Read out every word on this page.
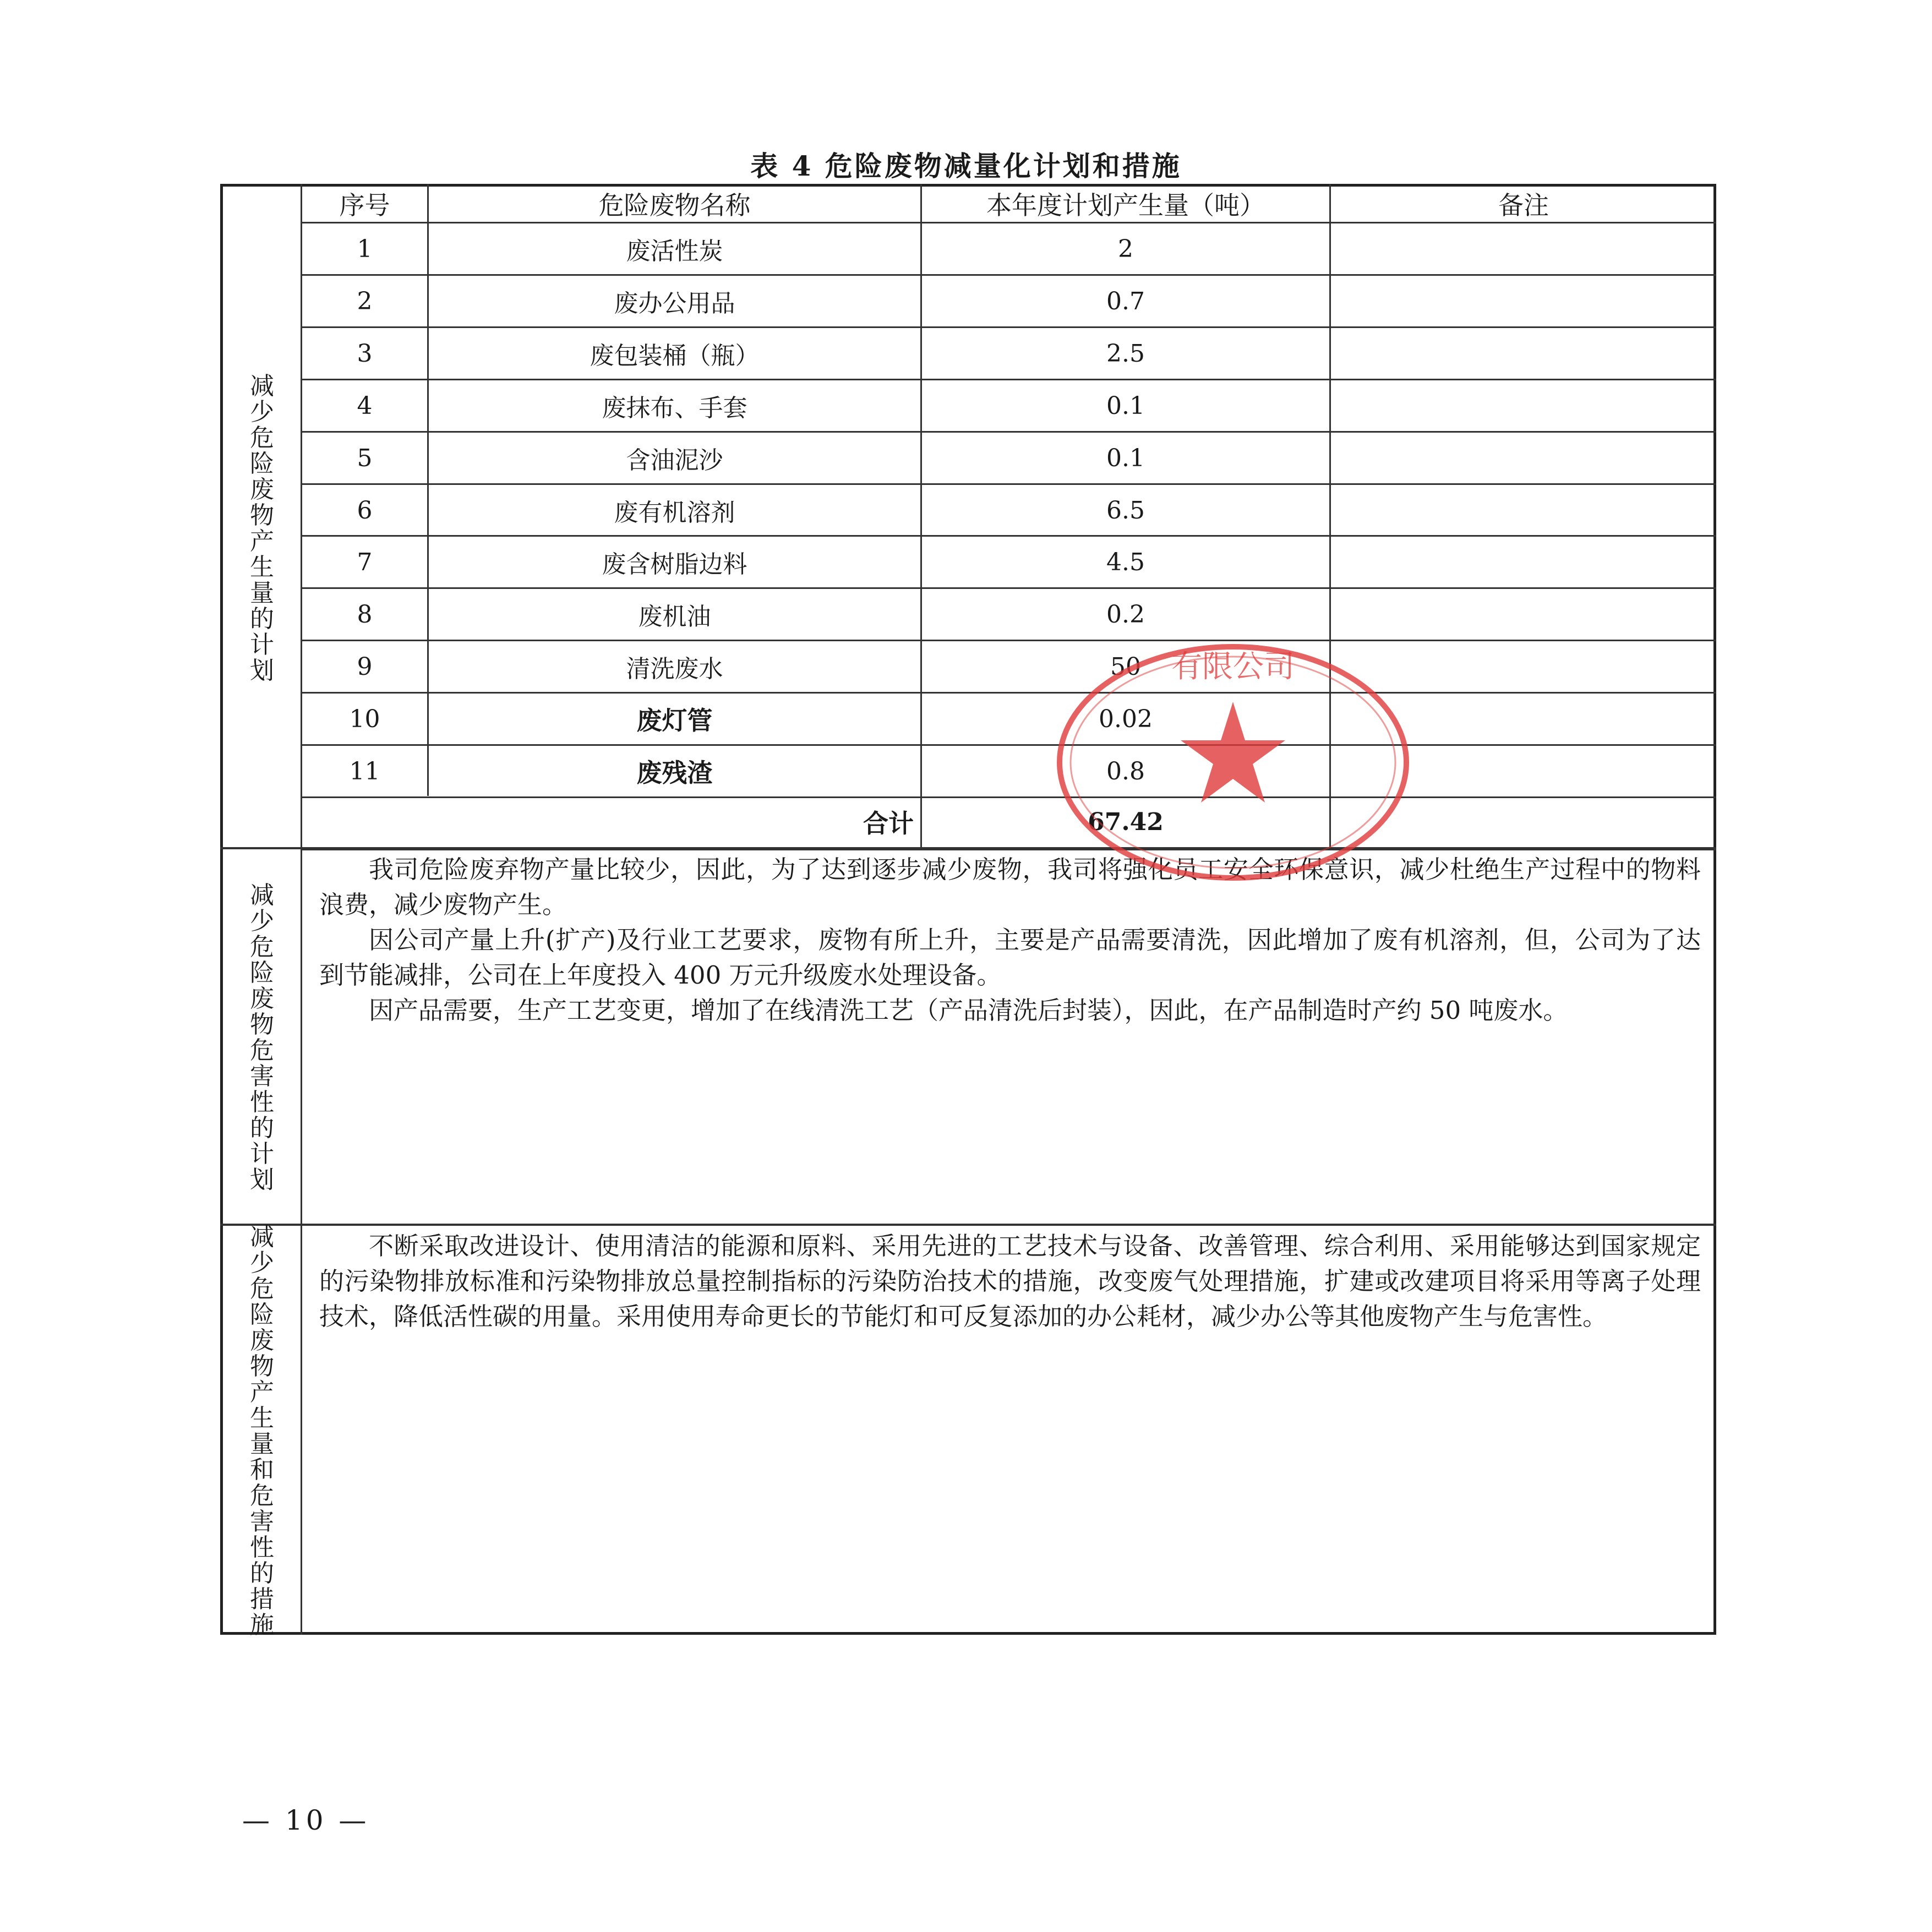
表 4 危险废物减量化计划和措施
减
少
危
险
废
物
产
生
量
的
计
划
减
少
危
险
废
物
危
害
性
的
计
划
减
少
危
险
废
物
产
生
量
和
危
害
性
的
措
施
序号	危险废物名称	本年度计划产生量（吨）	备注
1	废活性炭	2
2	废办公用品	0.7
3	废包装桶（瓶）	2.5
4	废抹布、手套	0.1
5	含油泥沙	0.1
6	废有机溶剂	6.5
7	废含树脂边料	4.5
8	废机油	0.2
9	清洗废水	50
10	废灯管	0.02
11	废残渣	0.8
合计	67.42

我司危险废弃物产量比较少，因此，为了达到逐步减少废物，我司将强化员工安全环保意识，减少杜绝生产过程中的物料浪费，减少废物产生。

因公司产量上升(扩产)及行业工艺要求，废物有所上升，主要是产品需要清洗，因此增加了废有机溶剂，但，公司为了达到节能减排，公司在上年度投入 400 万元升级废水处理设备。

因产品需要，生产工艺变更，增加了在线清洗工艺（产品清洗后封装），因此，在产品制造时产约 50 吨废水。

不断采取改进设计、使用清洁的能源和原料、采用先进的工艺技术与设备、改善管理、综合利用、采用能够达到国家规定的污染物排放标准和污染物排放总量控制指标的污染防治技术的措施，改变废气处理措施，扩建或改建项目将采用等离子处理技术，降低活性碳的用量。采用使用寿命更长的节能灯和可反复添加的办公耗材，减少办公等其他废物产生与危害性。

有限公司
— 10 —
